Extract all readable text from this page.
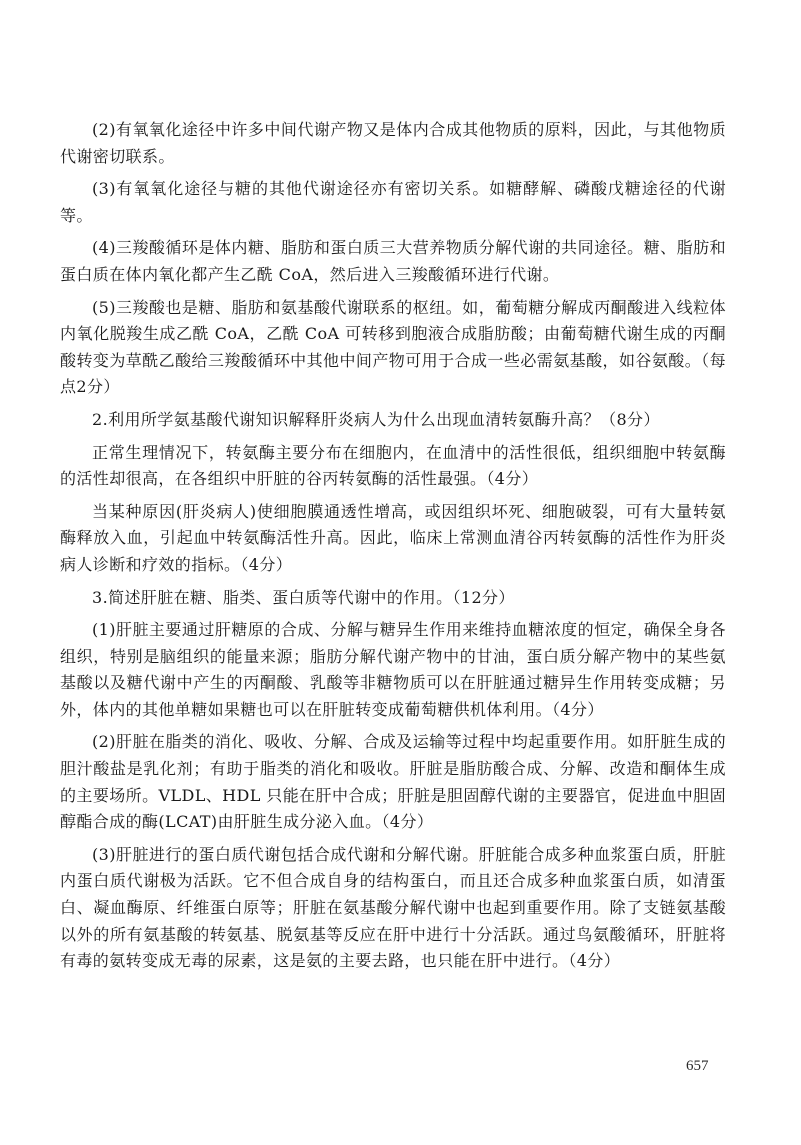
(2)有氧氧化途径中许多中间代谢产物又是体内合成其他物质的原料，因此，与其他物质代谢密切联系。

(3)有氧氧化途径与糖的其他代谢途径亦有密切关系。如糖酵解、磷酸戊糖途径的代谢等。

(4)三羧酸循环是体内糖、脂肪和蛋白质三大营养物质分解代谢的共同途径。糖、脂肪和蛋白质在体内氧化都产生乙酰 CoA，然后进入三羧酸循环进行代谢。

(5)三羧酸也是糖、脂肪和氨基酸代谢联系的枢纽。如，葡萄糖分解成丙酮酸进入线粒体内氧化脱羧生成乙酰 CoA，乙酰 CoA 可转移到胞液合成脂肪酸；由葡萄糖代谢生成的丙酮酸转变为草酰乙酸给三羧酸循环中其他中间产物可用于合成一些必需氨基酸，如谷氨酸。（每点2分）

2.利用所学氨基酸代谢知识解释肝炎病人为什么出现血清转氨酶升高？（8分）

正常生理情况下，转氨酶主要分布在细胞内，在血清中的活性很低，组织细胞中转氨酶的活性却很高，在各组织中肝脏的谷丙转氨酶的活性最强。（4分）

当某种原因(肝炎病人)使细胞膜通透性增高，或因组织坏死、细胞破裂，可有大量转氨酶释放入血，引起血中转氨酶活性升高。因此，临床上常测血清谷丙转氨酶的活性作为肝炎病人诊断和疗效的指标。（4分）

3.简述肝脏在糖、脂类、蛋白质等代谢中的作用。（12分）

(1)肝脏主要通过肝糖原的合成、分解与糖异生作用来维持血糖浓度的恒定，确保全身各组织，特别是脑组织的能量来源；脂肪分解代谢产物中的甘油，蛋白质分解产物中的某些氨基酸以及糖代谢中产生的丙酮酸、乳酸等非糖物质可以在肝脏通过糖异生作用转变成糖；另外，体内的其他单糖如果糖也可以在肝脏转变成葡萄糖供机体利用。（4分）

(2)肝脏在脂类的消化、吸收、分解、合成及运输等过程中均起重要作用。如肝脏生成的胆汁酸盐是乳化剂；有助于脂类的消化和吸收。肝脏是脂肪酸合成、分解、改造和酮体生成的主要场所。VLDL、HDL 只能在肝中合成；肝脏是胆固醇代谢的主要器官，促进血中胆固醇酯合成的酶(LCAT)由肝脏生成分泌入血。（4分）

(3)肝脏进行的蛋白质代谢包括合成代谢和分解代谢。肝脏能合成多种血浆蛋白质，肝脏内蛋白质代谢极为活跃。它不但合成自身的结构蛋白，而且还合成多种血浆蛋白质，如清蛋白、凝血酶原、纤维蛋白原等；肝脏在氨基酸分解代谢中也起到重要作用。除了支链氨基酸以外的所有氨基酸的转氨基、脱氨基等反应在肝中进行十分活跃。通过鸟氨酸循环，肝脏将有毒的氨转变成无毒的尿素，这是氨的主要去路，也只能在肝中进行。（4分）

657
